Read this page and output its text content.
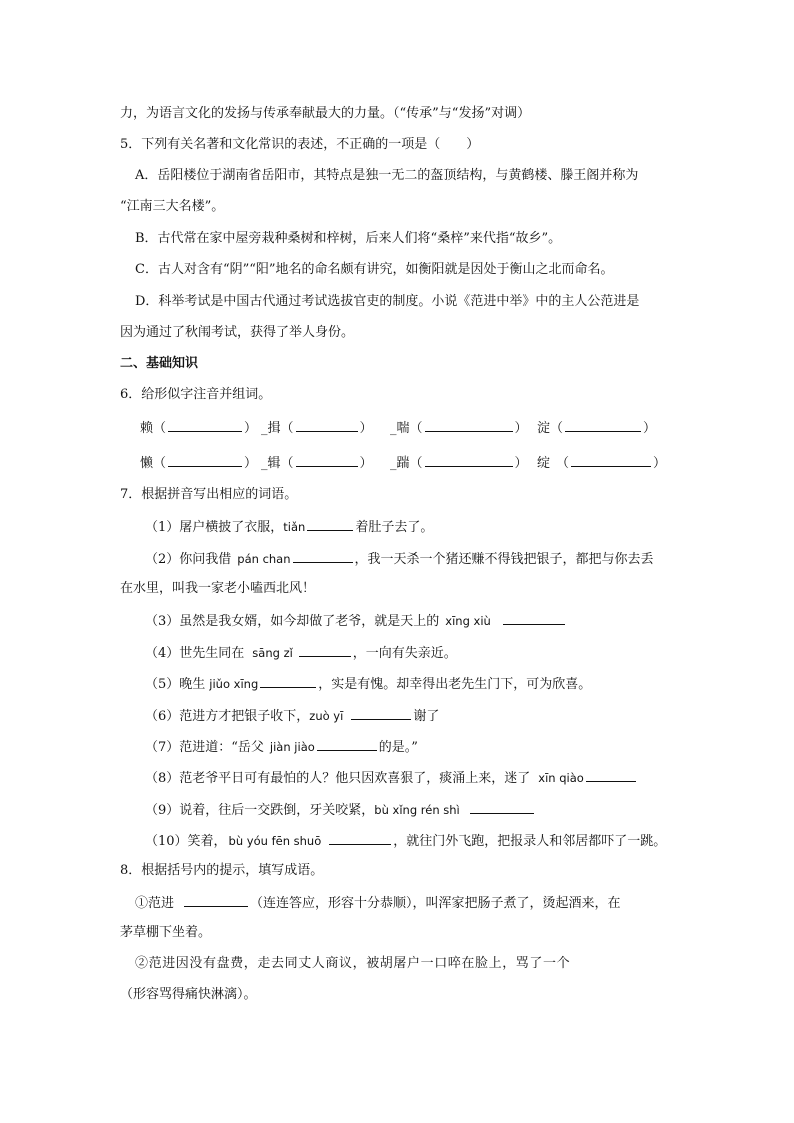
力，为语言文化的发扬与传承奉献最大的力量。（“传承”与“发扬”对调）
5．下列有关名著和文化常识的表述，不正确的一项是（　　）
A．岳阳楼位于湖南省岳阳市，其特点是独一无二的盔顶结构，与黄鹤楼、滕王阁并称为
“江南三大名楼”。
B．古代常在家中屋旁栽种桑树和梓树，后来人们将“桑梓”来代指“故乡”。
C．古人对含有“阴”“阳”地名的命名颇有讲究，如衡阳就是因处于衡山之北而命名。
D．科举考试是中国古代通过考试选拔官吏的制度。小说《范进中举》中的主人公范进是
因为通过了秋闱考试，获得了举人身份。
二、基础知识
6．给形似字注音并组词。
赖（	） _揖（	） _喘（	） 淀（	）
懒（	） _辑（	） _踹（	） 绽 （	）
7．根据拼音写出相应的词语。
（1）屠户横披了衣服，tiǎn	着肚子去了。
（2）你问我借 pán chan	，我一天杀一个猪还赚不得钱把银子，都把与你去丢
在水里，叫我一家老小嗑西北风！
（3）虽然是我女婿，如今却做了老爷，就是天上的 xīng xiù
（4）世先生同在 sāng zǐ	，一向有失亲近。
（5）晚生 jiǔo xīng	，实是有愧。却幸得出老先生门下，可为欣喜。
（6）范进方才把银子收下，zuò yī	谢了
（7）范进道：“岳父 jiàn jiào	的是。”
（8）范老爷平日可有最怕的人？他只因欢喜狠了，痰涌上来，迷了 xīn qiào
（9）说着，往后一交跌倒，牙关咬紧，bù xǐng rén shì
（10）笑着， bù yóu fēn shuō	，就往门外飞跑，把报录人和邻居都吓了一跳。
8．根据括号内的提示，填写成语。
①范进	（连连答应，形容十分恭顺），叫浑家把肠子煮了，烫起酒来，在
茅草棚下坐着。
②范进因没有盘费，走去同丈人商议，被胡屠户一口啐在脸上，骂了一个
（形容骂得痛快淋漓）。
